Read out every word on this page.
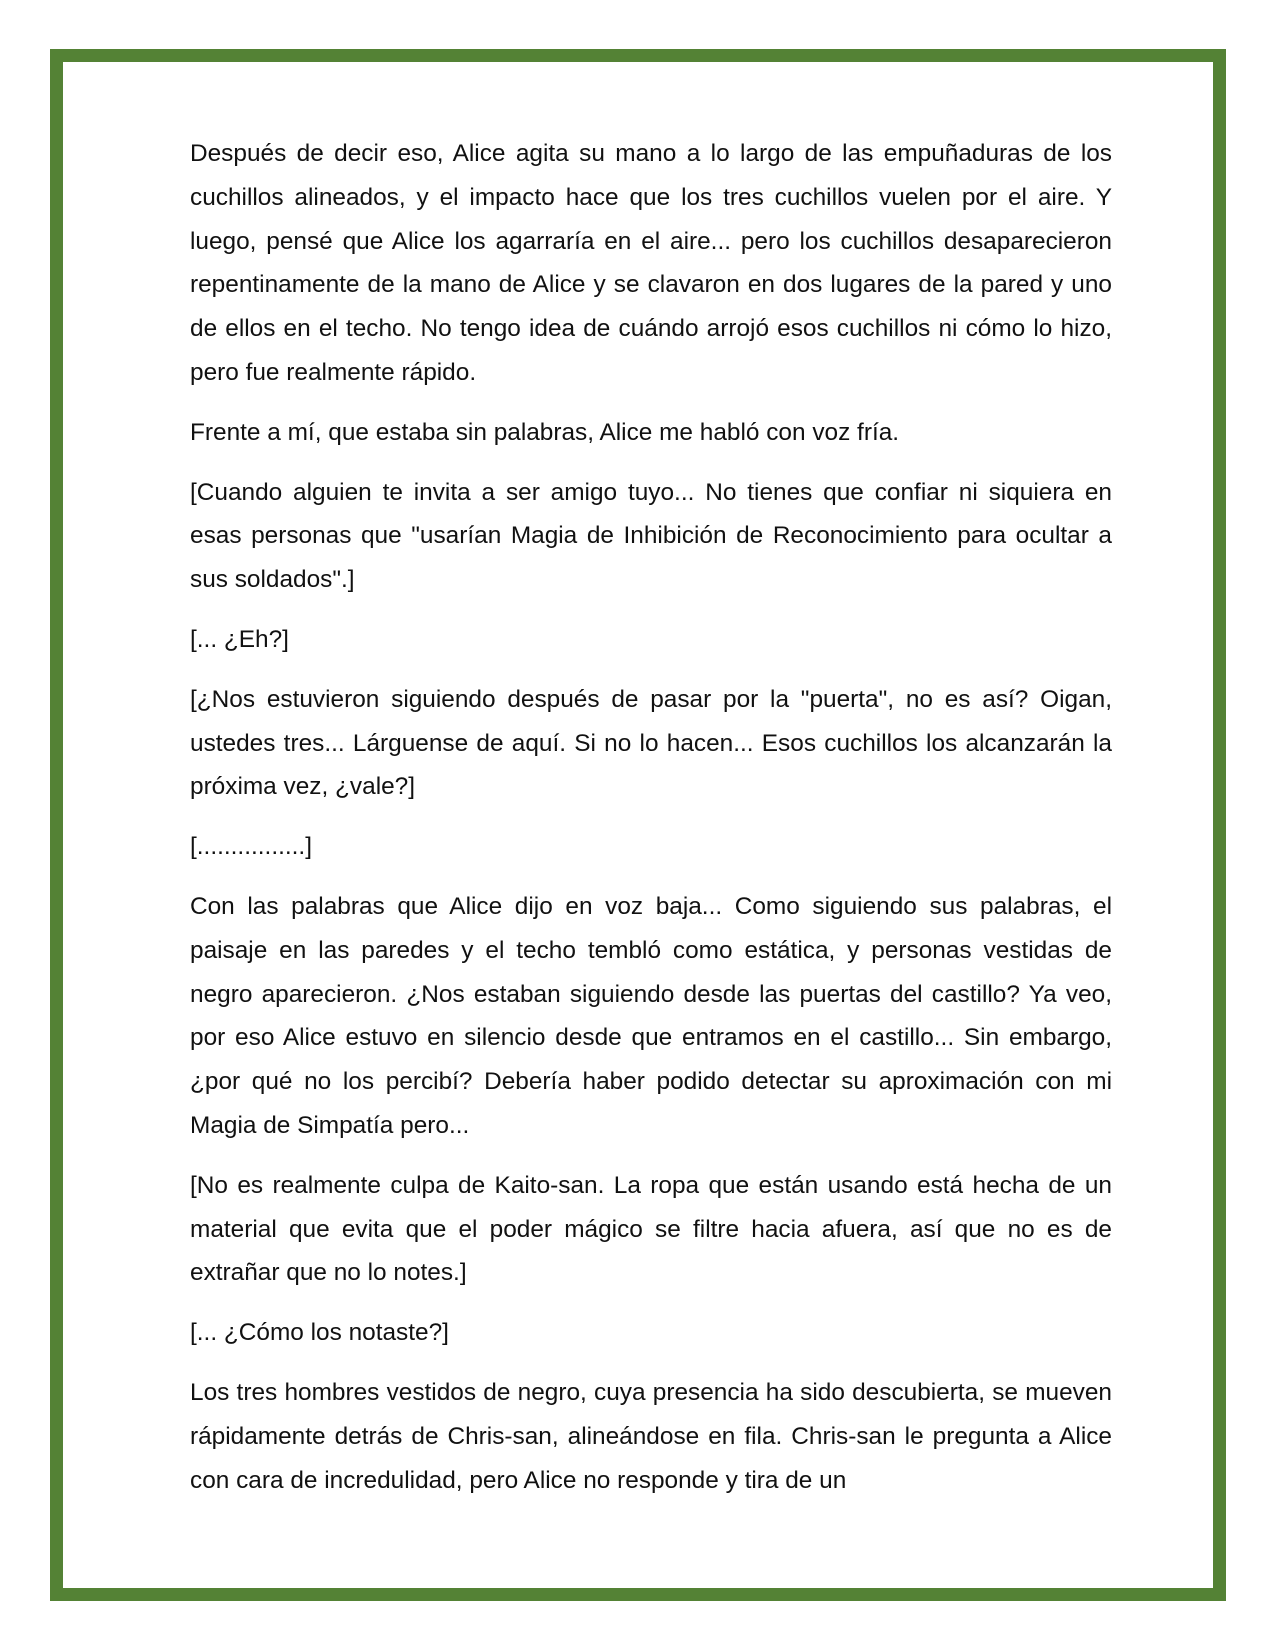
Después de decir eso, Alice agita su mano a lo largo de las empuñaduras de los cuchillos alineados, y el impacto hace que los tres cuchillos vuelen por el aire. Y luego, pensé que Alice los agarraría en el aire... pero los cuchillos desaparecieron repentinamente de la mano de Alice y se clavaron en dos lugares de la pared y uno de ellos en el techo. No tengo idea de cuándo arrojó esos cuchillos ni cómo lo hizo, pero fue realmente rápido.

Frente a mí, que estaba sin palabras, Alice me habló con voz fría.

[Cuando alguien te invita a ser amigo tuyo... No tienes que confiar ni siquiera en esas personas que "usarían Magia de Inhibición de Reconocimiento para ocultar a sus soldados".]

[... ¿Eh?]

[¿Nos estuvieron siguiendo después de pasar por la "puerta", no es así? Oigan, ustedes tres... Lárguense de aquí. Si no lo hacen... Esos cuchillos los alcanzarán la próxima vez, ¿vale?]

[................]

Con las palabras que Alice dijo en voz baja... Como siguiendo sus palabras, el paisaje en las paredes y el techo tembló como estática, y personas vestidas de negro aparecieron. ¿Nos estaban siguiendo desde las puertas del castillo? Ya veo, por eso Alice estuvo en silencio desde que entramos en el castillo... Sin embargo, ¿por qué no los percibí? Debería haber podido detectar su aproximación con mi Magia de Simpatía pero...

[No es realmente culpa de Kaito-san. La ropa que están usando está hecha de un material que evita que el poder mágico se filtre hacia afuera, así que no es de extrañar que no lo notes.]

[... ¿Cómo los notaste?]

Los tres hombres vestidos de negro, cuya presencia ha sido descubierta, se mueven rápidamente detrás de Chris-san, alineándose en fila. Chris-san le pregunta a Alice con cara de incredulidad, pero Alice no responde y tira de un
